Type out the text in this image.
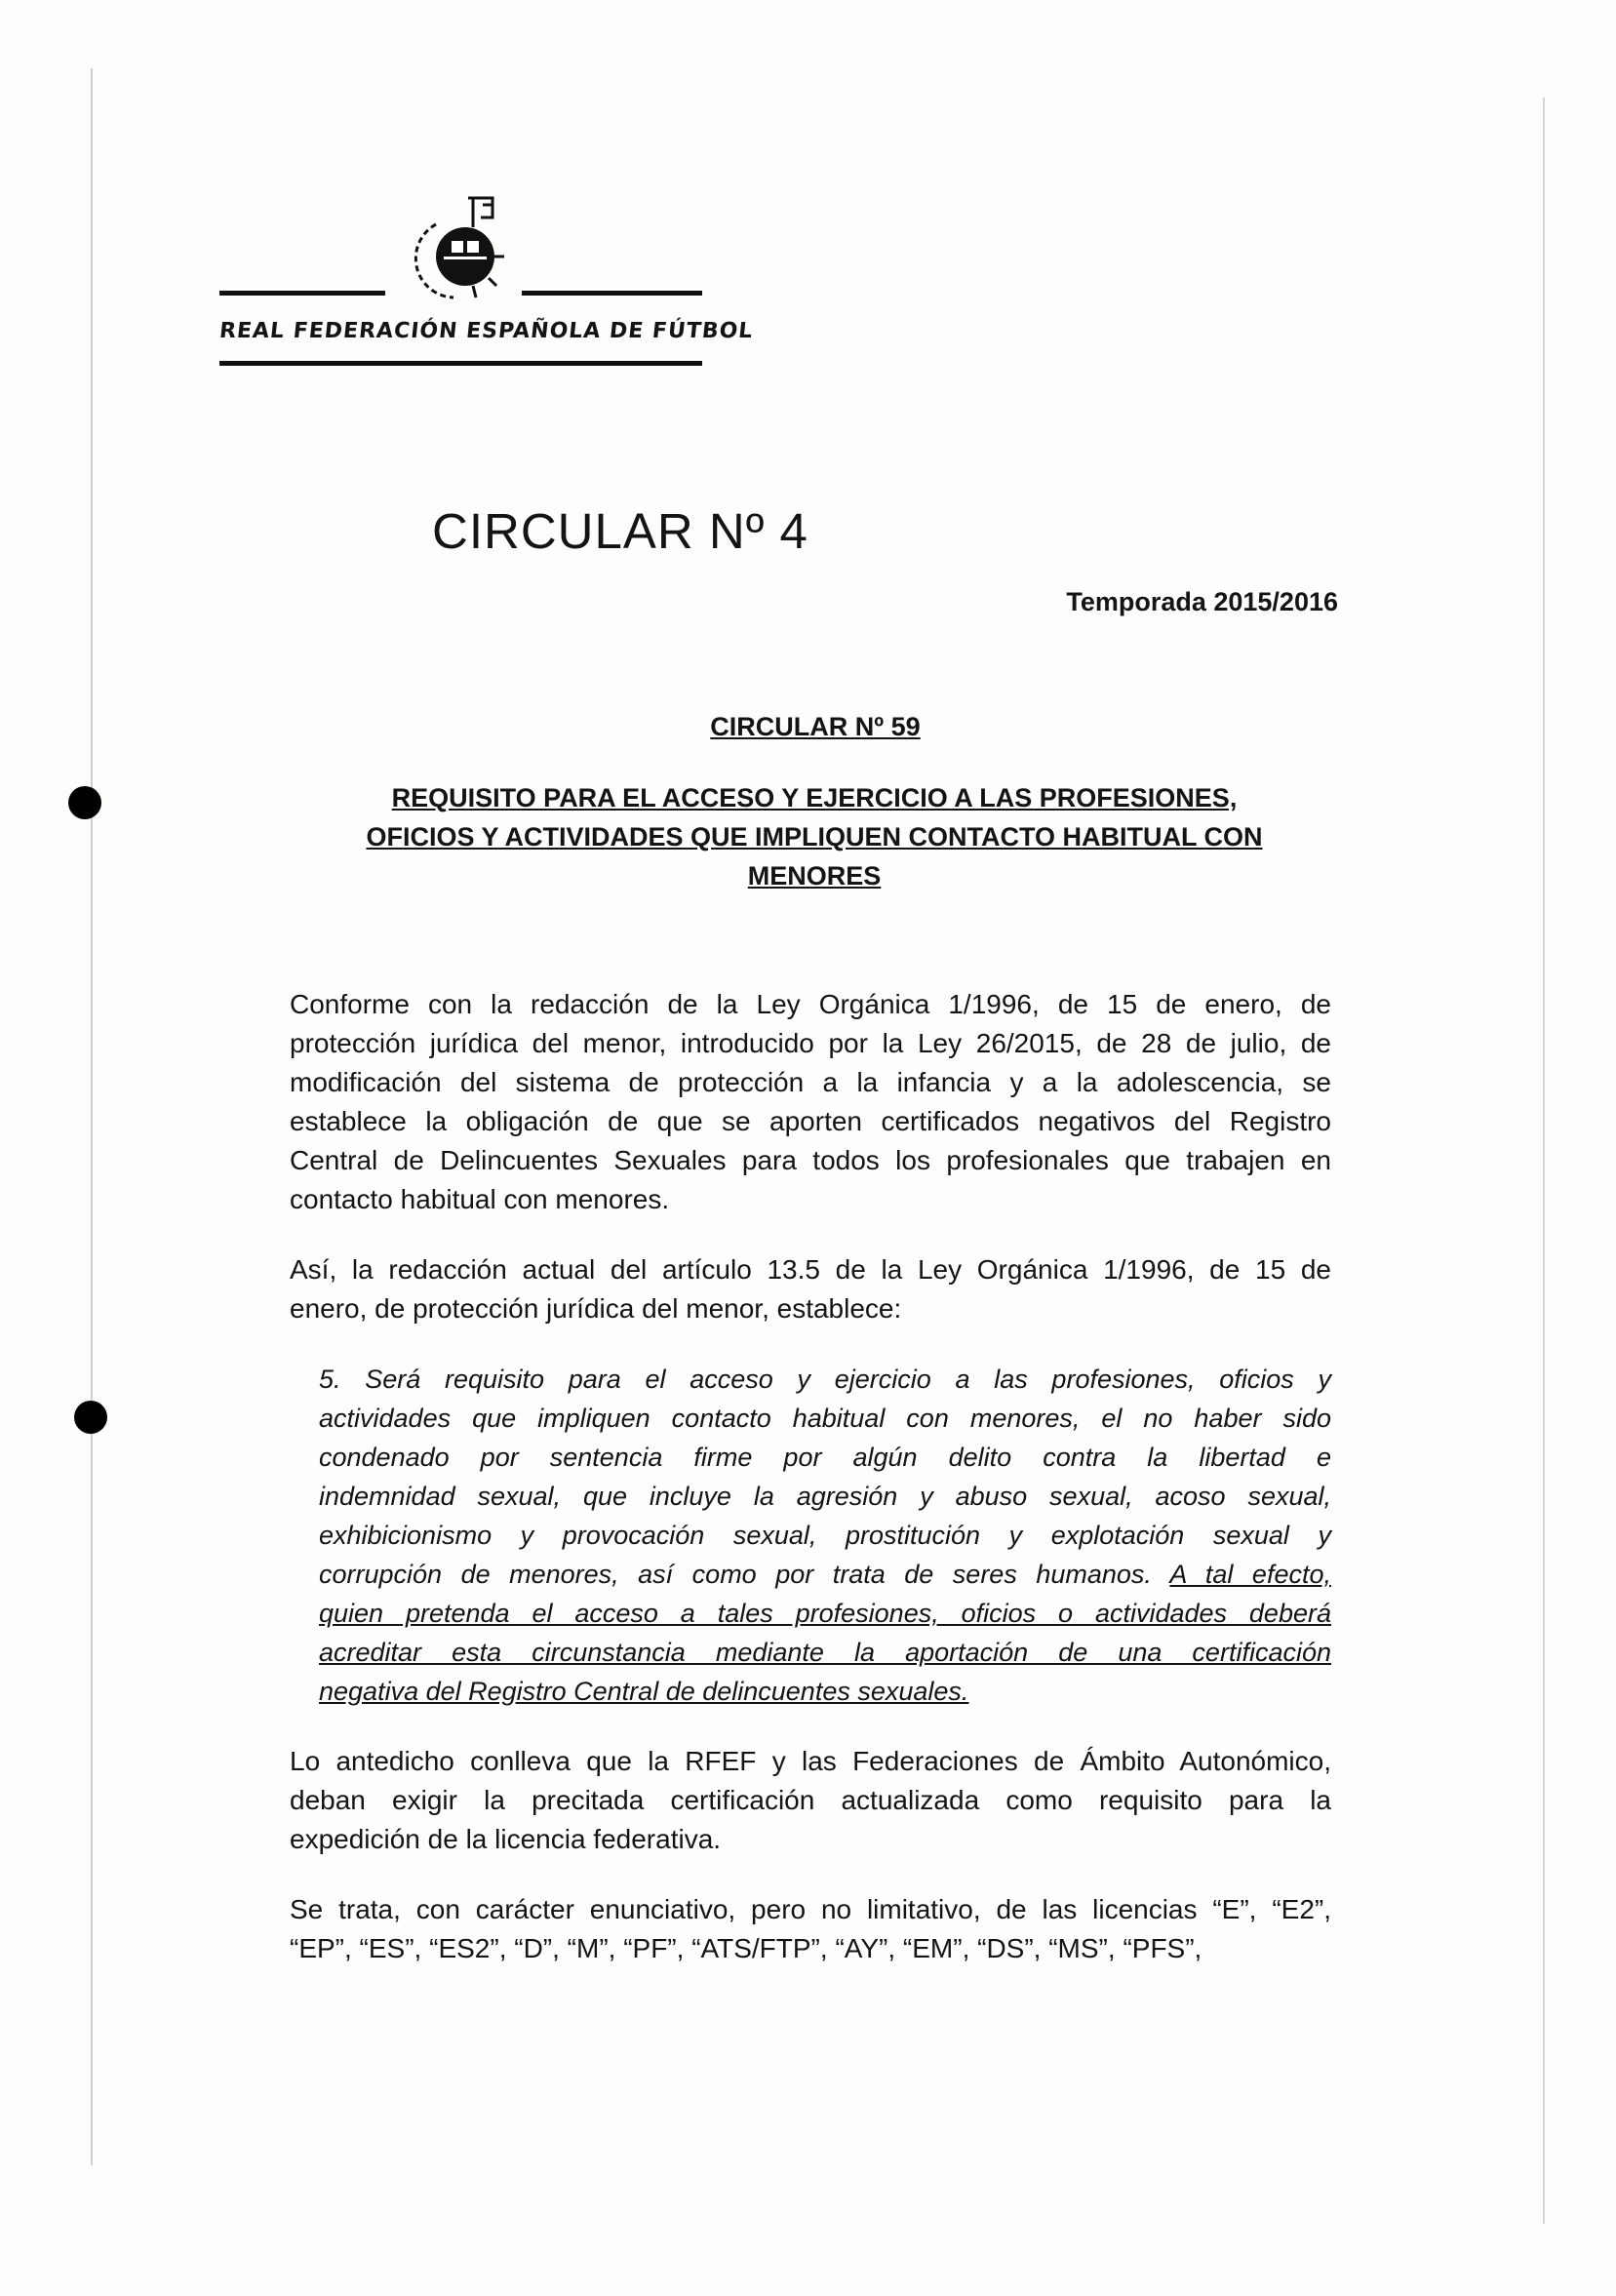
REAL FEDERACIÓN ESPAÑOLA DE FÚTBOL
CIRCULAR Nº 4
Temporada 2015/2016
CIRCULAR Nº 59
REQUISITO PARA EL ACCESO Y EJERCICIO A LAS PROFESIONES,
OFICIOS Y ACTIVIDADES QUE IMPLIQUEN CONTACTO HABITUAL CON
MENORES
Conforme con la redacción de la Ley Orgánica 1/1996, de 15 de enero, de
protección jurídica del menor, introducido por la Ley 26/2015, de 28 de julio, de
modificación del sistema de protección a la infancia y a la adolescencia, se
establece la obligación de que se aporten certificados negativos del Registro
Central de Delincuentes Sexuales para todos los profesionales que trabajen en
contacto habitual con menores.
Así, la redacción actual del artículo 13.5 de la Ley Orgánica 1/1996, de 15 de
enero, de protección jurídica del menor, establece:
5. Será requisito para el acceso y ejercicio a las profesiones, oficios y
actividades que impliquen contacto habitual con menores, el no haber sido
condenado por sentencia firme por algún delito contra la libertad e
indemnidad sexual, que incluye la agresión y abuso sexual, acoso sexual,
exhibicionismo y provocación sexual, prostitución y explotación sexual y
corrupción de menores, así como por trata de seres humanos. A tal efecto,
quien pretenda el acceso a tales profesiones, oficios o actividades deberá
acreditar esta circunstancia mediante la aportación de una certificación
negativa del Registro Central de delincuentes sexuales.
Lo antedicho conlleva que la RFEF y las Federaciones de Ámbito Autonómico,
deban exigir la precitada certificación actualizada como requisito para la
expedición de la licencia federativa.
Se trata, con carácter enunciativo, pero no limitativo, de las licencias “E”, “E2”,
“EP”, “ES”, “ES2”, “D”, “M”, “PF”, “ATS/FTP”, “AY”, “EM”, “DS”, “MS”, “PFS”,
